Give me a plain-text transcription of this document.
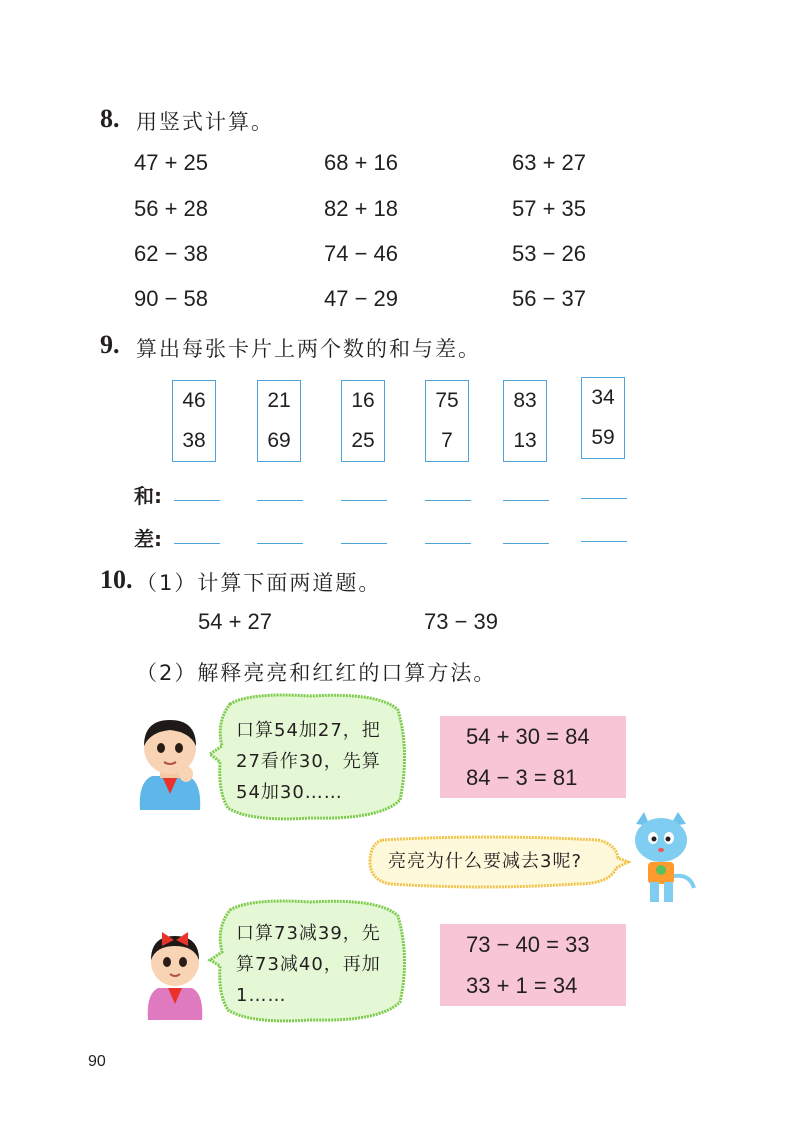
8. 用竖式计算。
47 + 25	68 + 16	63 + 27
56 + 28	82 + 18	57 + 35
62 − 38	74 − 46	53 − 26
90 − 58	47 − 29	56 − 37
9. 算出每张卡片上两个数的和与差。
46
38
21
69
16
25
75
7
83
13
34
59
和:
差:
10. （1）计算下面两道题。
54 + 27	73 − 39
（2）解释亮亮和红红的口算方法。
口算54加27，把
27看作30，先算
54加30……
54 + 30 = 84
84 − 3 = 81
亮亮为什么要减去3呢?
口算73减39，先
算73减40，再加
1……
73 − 40 = 33
33 + 1 = 34
90
